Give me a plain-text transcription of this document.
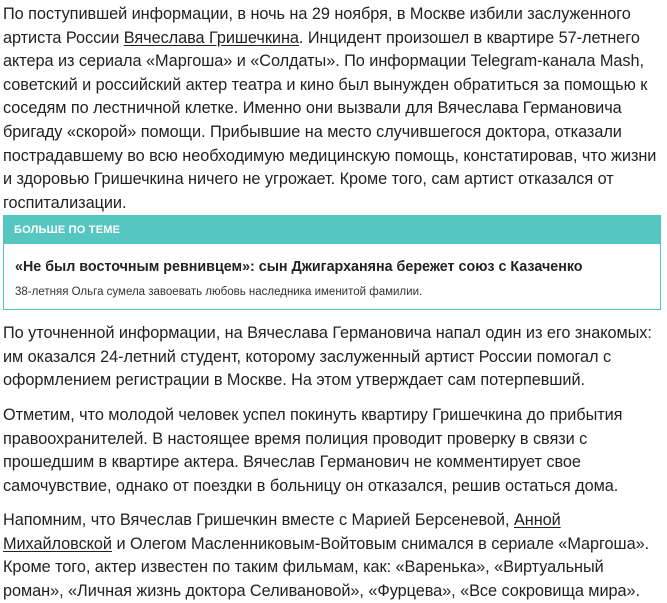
По поступившей информации, в ночь на 29 ноября, в Москве избили заслуженного артиста России Вячеслава Гришечкина. Инцидент произошел в квартире 57-летнего актера из сериала «Маргоша» и «Солдаты». По информации Telegram-канала Mash, советский и российский актер театра и кино был вынужден обратиться за помощью к соседям по лестничной клетке. Именно они вызвали для Вячеслава Германовича бригаду «скорой» помощи. Прибывшие на место случившегося доктора, отказали пострадавшему во всю необходимую медицинскую помощь, констатировав, что жизни и здоровью Гришечкина ничего не угрожает. Кроме того, сам артист отказался от госпитализации.

БОЛЬШЕ ПО ТЕМЕ
«Не был восточным ревнивцем»: сын Джигарханяна бережет союз с Казаченко
38-летняя Ольга сумела завоевать любовь наследника именитой фамилии.

По уточненной информации, на Вячеслава Германовича напал один из его знакомых: им оказался 24-летний студент, которому заслуженный артист России помогал с оформлением регистрации в Москве. На этом утверждает сам потерпевший.

Отметим, что молодой человек успел покинуть квартиру Гришечкина до прибытия правоохранителей. В настоящее время полиция проводит проверку в связи с прошедшим в квартире актера. Вячеслав Германович не комментирует свое самочувствие, однако от поездки в больницу он отказался, решив остаться дома.

Напомним, что Вячеслав Гришечкин вместе с Марией Берсеневой, Анной Михайловской и Олегом Масленниковым-Войтовым снимался в сериале «Маргоша». Кроме того, актер известен по таким фильмам, как: «Варенька», «Виртуальный роман», «Личная жизнь доктора Селивановой», «Фурцева», «Все сокровища мира».
